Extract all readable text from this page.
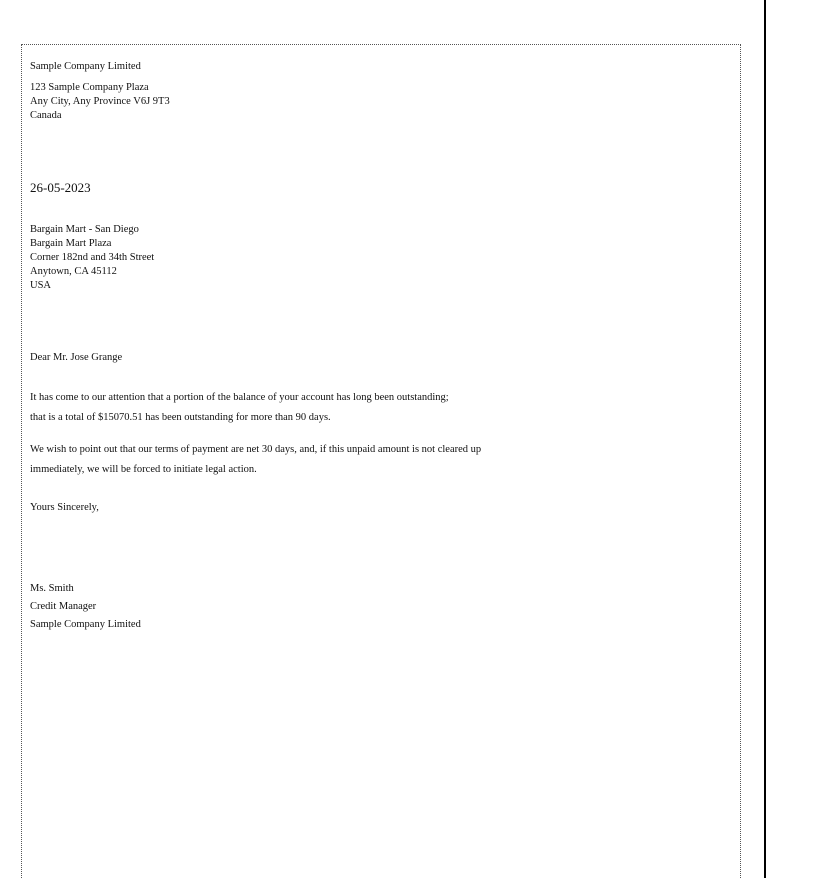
Sample Company Limited

123 Sample Company Plaza

Any City, Any Province V6J 9T3

Canada

26-05-2023

Bargain Mart - San Diego

Bargain Mart Plaza

Corner 182nd and 34th Street

Anytown, CA 45112

USA

Dear Mr. Jose Grange

It has come to our attention that a portion of the balance of your account has long been outstanding;

that is a total of $15070.51 has been outstanding for more than 90 days.

We wish to point out that our terms of payment are net 30 days, and, if this unpaid amount is not cleared up

immediately, we will be forced to initiate legal action.

Yours Sincerely,

Ms. Smith

Credit Manager

Sample Company Limited
